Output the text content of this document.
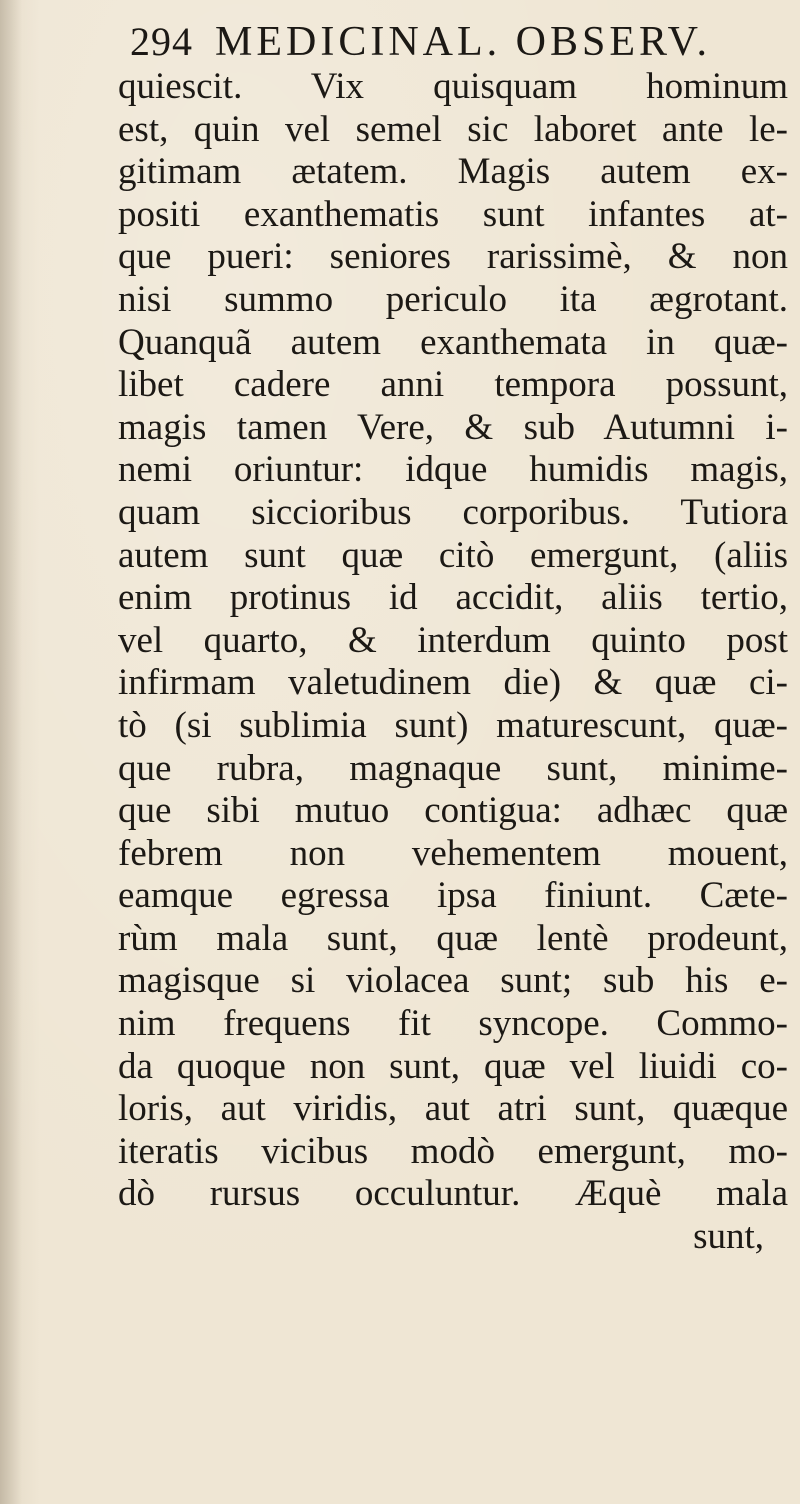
294 MEDICINAL. OBSERV.
quiescit. Vix quisquam hominum
est, quin vel semel sic laboret ante le-
gitimam ætatem. Magis autem ex-
positi exanthematis sunt infantes at-
que pueri: seniores rarissimè, & non
nisi summo periculo ita ægrotant.
Quanquã autem exanthemata in quæ-
libet cadere anni tempora possunt,
magis tamen Vere, & sub Autumni i-
nemi oriuntur: idque humidis magis,
quam siccioribus corporibus. Tutiora
autem sunt quæ citò emergunt, (aliis
enim protinus id accidit, aliis tertio,
vel quarto, & interdum quinto post
infirmam valetudinem die) & quæ ci-
tò (si sublimia sunt) maturescunt, quæ-
que rubra, magnaque sunt, minime-
que sibi mutuo contigua: adhæc quæ
febrem non vehementem mouent,
eamque egressa ipsa finiunt. Cæte-
rùm mala sunt, quæ lentè prodeunt,
magisque si violacea sunt; sub his e-
nim frequens fit syncope. Commo-
da quoque non sunt, quæ vel liuidi co-
loris, aut viridis, aut atri sunt, quæque
iteratis vicibus modò emergunt, mo-
dò rursus occuluntur. Æquè mala
sunt,
